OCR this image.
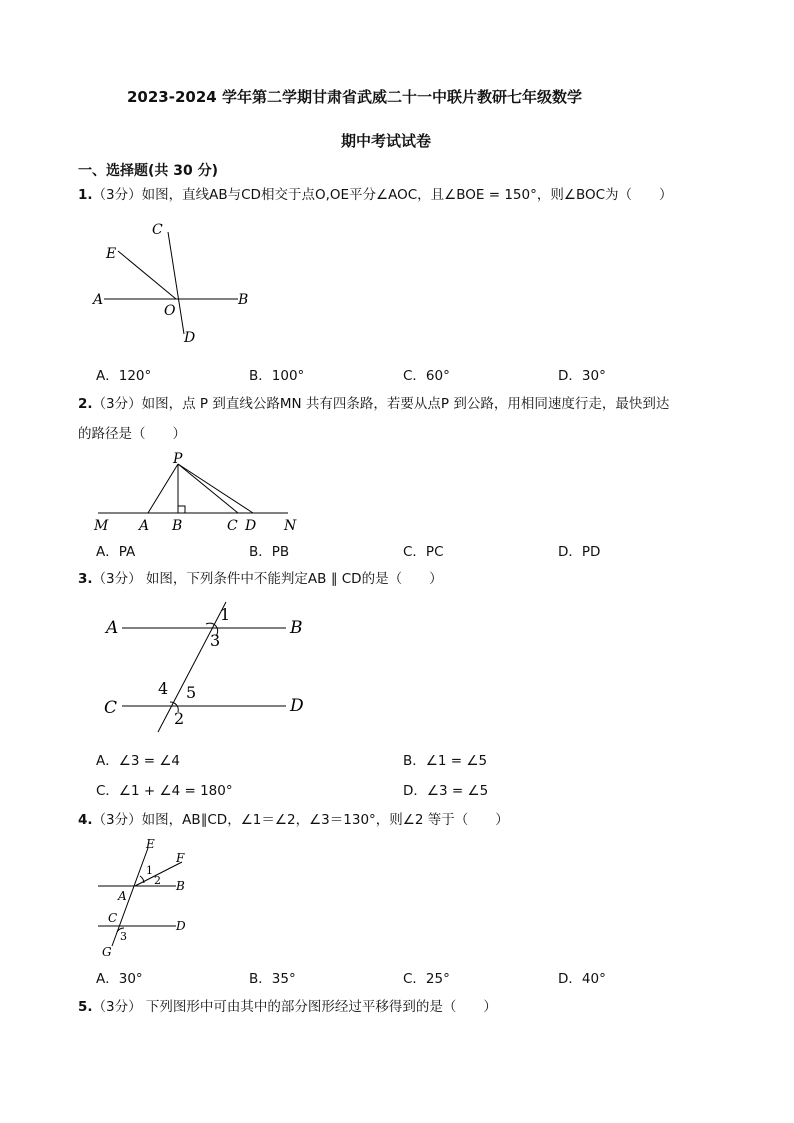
2023-2024 学年第二学期甘肃省武威二十一中联片教研七年级数学
期中考试试卷
一、选择题(共 30 分)
1.（3分）如图，直线AB与CD相交于点O,OE平分∠AOC，且∠BOE = 150°，则∠BOC为（　　）
C
E
A
O
B
D
A．120°	B．100°	C．60°	D．30°
2.（3分）如图，点 P 到直线公路MN 共有四条路，若要从点P 到公路，用相同速度行走，最快到达
的路径是（　　）
P
M A B	C D N
A．PA	B．PB	C．PC	D．PD
3.（3分） 如图，下列条件中不能判定AB ∥ CD的是（　　）
A
1
B
3
4 5
C	D
2
A．∠3 = ∠4	B．∠1 = ∠5
C．∠1 + ∠4 = 180°	D．∠3 = ∠5
4.（3分）如图，AB∥CD，∠1＝∠2，∠3＝130°，则∠2 等于（　　）
E
F
1
2
A
B
C
D
G
3
A．30°	B．35°	C．25°	D．40°
5.（3分） 下列图形中可由其中的部分图形经过平移得到的是（　　）
